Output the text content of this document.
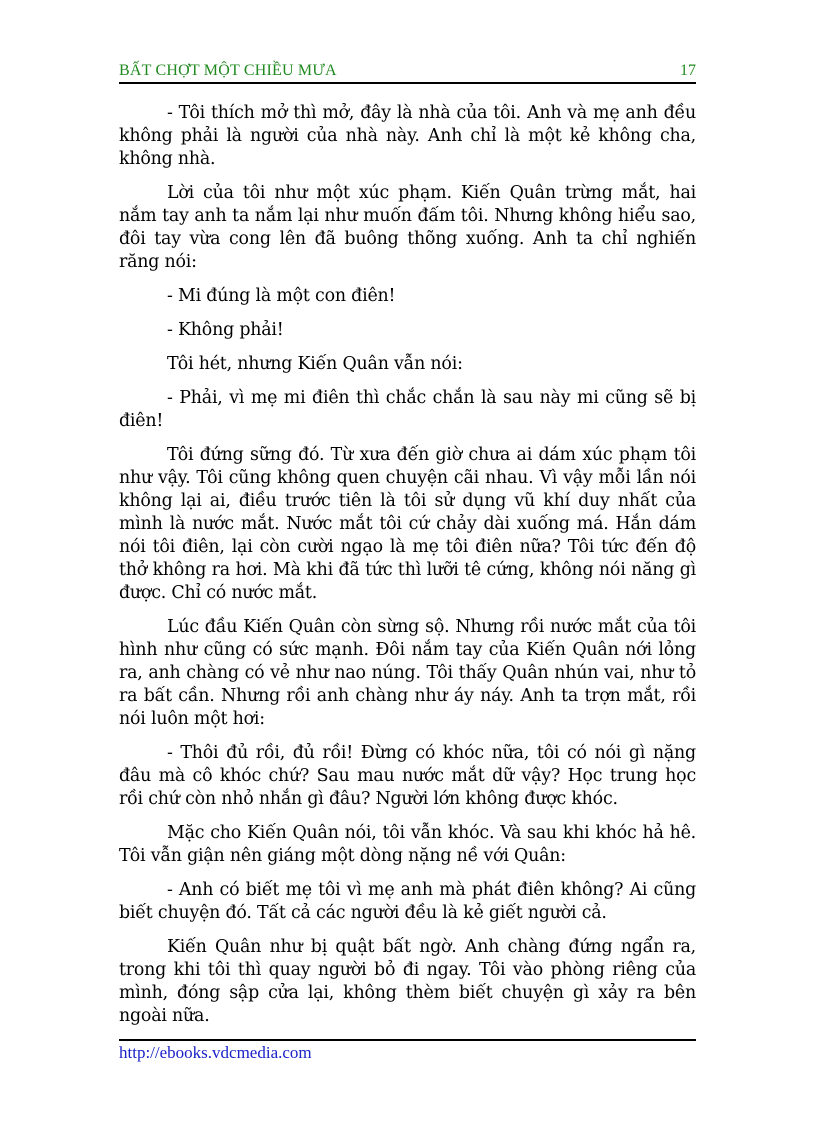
BẤT CHỢT MỘT CHIỀU MƯA	17

- Tôi thích mở thì mở, đây là nhà của tôi. Anh và mẹ anh đều không phải là người của nhà này. Anh chỉ là một kẻ không cha, không nhà.

Lời của tôi như một xúc phạm. Kiến Quân trừng mắt, hai nắm tay anh ta nắm lại như muốn đấm tôi. Nhưng không hiểu sao, đôi tay vừa cong lên đã buông thõng xuống. Anh ta chỉ nghiến răng nói:

- Mi đúng là một con điên!

- Không phải!

Tôi hét, nhưng Kiến Quân vẫn nói:

- Phải, vì mẹ mi điên thì chắc chắn là sau này mi cũng sẽ bị điên!

Tôi đứng sững đó. Từ xưa đến giờ chưa ai dám xúc phạm tôi như vậy. Tôi cũng không quen chuyện cãi nhau. Vì vậy mỗi lần nói không lại ai, điều trước tiên là tôi sử dụng vũ khí duy nhất của mình là nước mắt. Nước mắt tôi cứ chảy dài xuống má. Hắn dám nói tôi điên, lại còn cười ngạo là mẹ tôi điên nữa? Tôi tức đến độ thở không ra hơi. Mà khi đã tức thì lưỡi tê cứng, không nói năng gì được. Chỉ có nước mắt.

Lúc đầu Kiến Quân còn sừng sộ. Nhưng rồi nước mắt của tôi hình như cũng có sức mạnh. Đôi nắm tay của Kiến Quân nới lỏng ra, anh chàng có vẻ như nao núng. Tôi thấy Quân nhún vai, như tỏ ra bất cần. Nhưng rồi anh chàng như áy náy. Anh ta trợn mắt, rồi nói luôn một hơi:

- Thôi đủ rồi, đủ rồi! Đừng có khóc nữa, tôi có nói gì nặng đâu mà cô khóc chứ? Sau mau nước mắt dữ vậy? Học trung học rồi chứ còn nhỏ nhắn gì đâu? Người lớn không được khóc.

Mặc cho Kiến Quân nói, tôi vẫn khóc. Và sau khi khóc hả hê. Tôi vẫn giận nên giáng một dòng nặng nề với Quân:

- Anh có biết mẹ tôi vì mẹ anh mà phát điên không? Ai cũng biết chuyện đó. Tất cả các người đều là kẻ giết người cả.

Kiến Quân như bị quật bất ngờ. Anh chàng đứng ngẩn ra, trong khi tôi thì quay người bỏ đi ngay. Tôi vào phòng riêng của mình, đóng sập cửa lại, không thèm biết chuyện gì xảy ra bên ngoài nữa.

http://ebooks.vdcmedia.com
